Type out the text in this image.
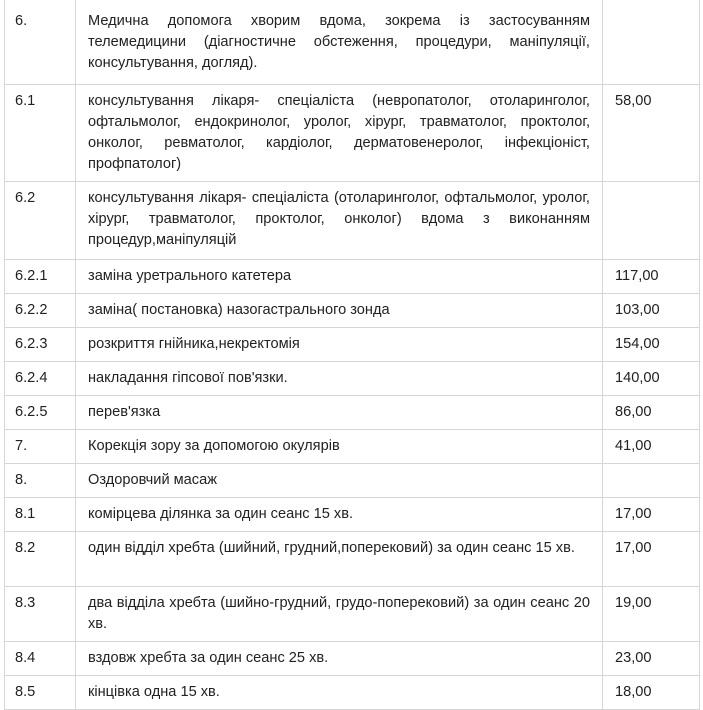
6.	Медична допомога хворим вдома, зокрема із застосуванням телемедицини (діагностичне обстеження, процедури, маніпуляції, консультування, догляд).	
6.1	консультування лікаря- спеціаліста (невропатолог, отоларинголог, офтальмолог, ендокринолог, уролог, хірург, травматолог, проктолог, онколог, ревматолог, кардіолог, дерматовенеролог, інфекціоніст, профпатолог)	58,00
6.2	консультування лікаря- спеціаліста (отоларинголог, офтальмолог, уролог, хірург, травматолог, проктолог, онколог) вдома з виконанням процедур,маніпуляцій	
6.2.1	заміна уретрального катетера	117,00
6.2.2	заміна( постановка) назогастрального зонда	103,00
6.2.3	розкриття гнійника,некректомія	154,00
6.2.4	накладання гіпсової пов'язки.	140,00
6.2.5	перев'язка	86,00
7.	Корекція зору за допомогою окулярів	41,00
8.	Оздоровчий масаж	
8.1	комірцева ділянка за один сеанс 15 хв.	17,00
8.2	один відділ хребта (шийний, грудний,поперековий) за один сеанс 15 хв.	17,00
8.3	два відділа хребта (шийно-грудний, грудо-поперековий) за один сеанс 20 хв.	19,00
8.4	вздовж хребта за один сеанс 25 хв.	23,00
8.5	кінцівка одна 15 хв.	18,00
